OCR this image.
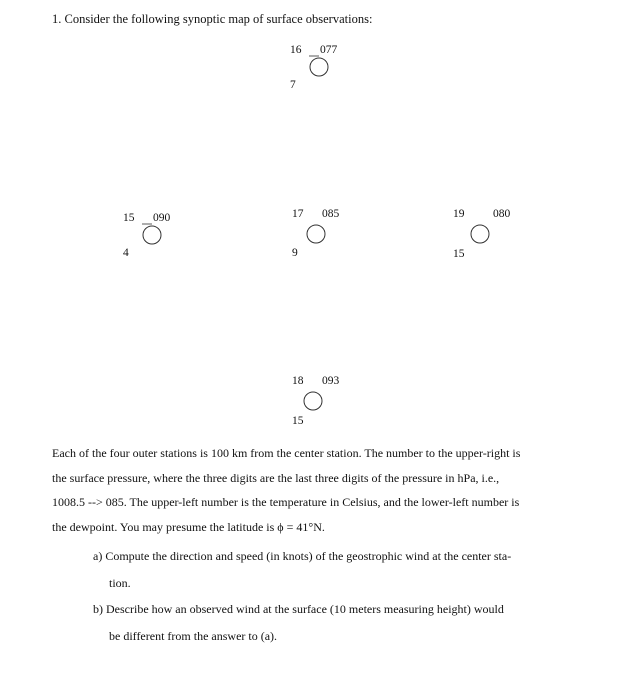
1. Consider the following synoptic map of surface observations:
16 077
7
15 090
4
17 085
9
19 080
15
18 093
15

Each of the four outer stations is 100 km from the center station. The number to the upper-right is

the surface pressure, where the three digits are the last three digits of the pressure in hPa, i.e.,

1008.5 --> 085. The upper-left number is the temperature in Celsius, and the lower-left number is

the dewpoint. You may presume the latitude is ϕ = 41°N.

a) Compute the direction and speed (in knots) of the geostrophic wind at the center sta-
tion.
b) Describe how an observed wind at the surface (10 meters measuring height) would
be different from the answer to (a).
